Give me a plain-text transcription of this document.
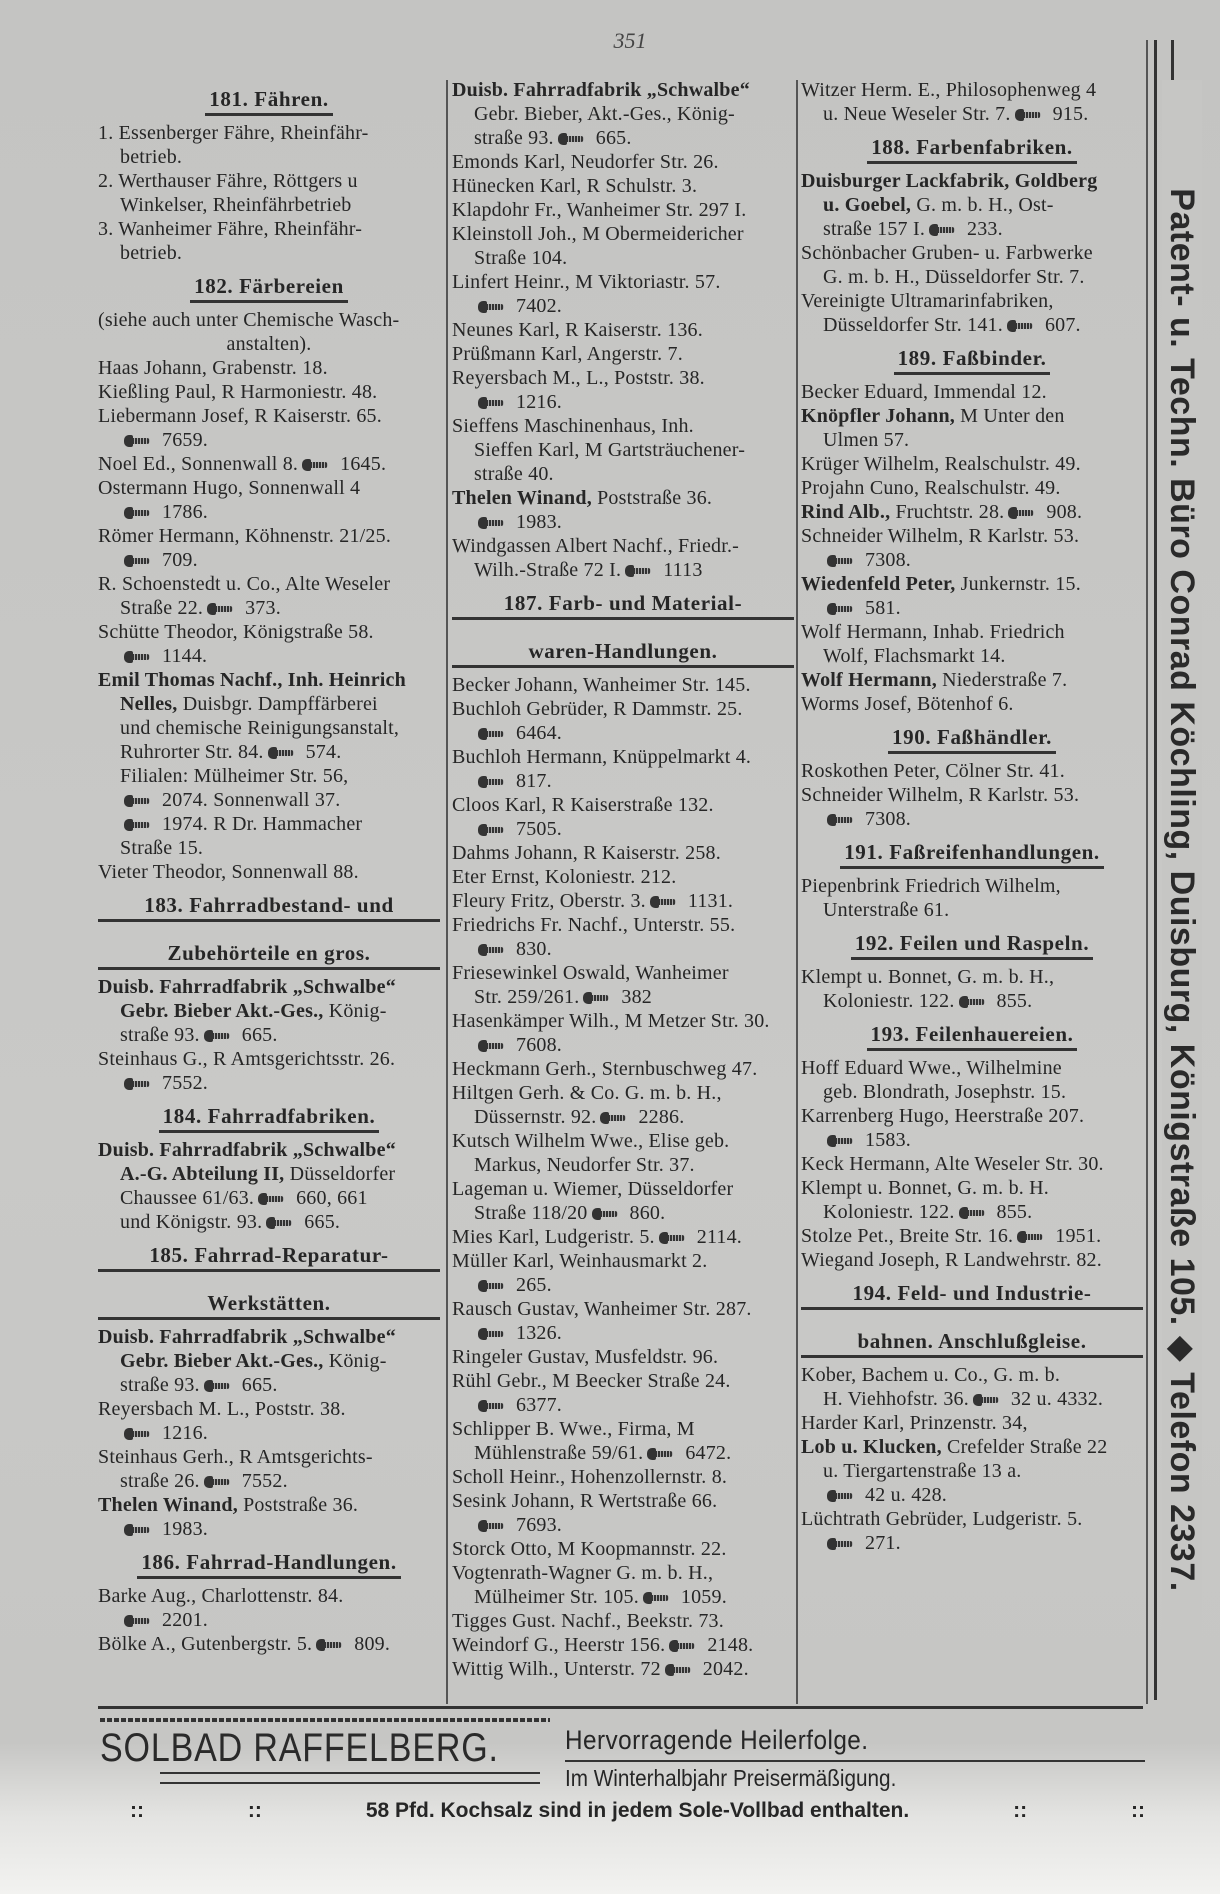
351
181. Fähren.
1. Essenberger Fähre, Rheinfähr-
betrieb.
2. Werthauser Fähre, Röttgers u
Winkelser, Rheinfährbetrieb
3. Wanheimer Fähre, Rheinfähr-
betrieb.
182. Färbereien
(siehe auch unter Chemische Wasch-
anstalten).
Haas Johann, Grabenstr. 18.
Kießling Paul, R Harmoniestr. 48.
Liebermann Josef, R Kaiserstr. 65.
7659.
Noel Ed., Sonnenwall 8. 1645.
Ostermann Hugo, Sonnenwall 4
1786.
Römer Hermann, Köhnenstr. 21/25.
709.
R. Schoenstedt u. Co., Alte Weseler
Straße 22. 373.
Schütte Theodor, Königstraße 58.
1144.
Emil Thomas Nachf., Inh. Heinrich
Nelles, Duisbgr. Dampffärberei
und chemische Reinigungsanstalt,
Ruhrorter Str. 84. 574.
Filialen: Mülheimer Str. 56,
2074. Sonnenwall 37.
1974. R Dr. Hammacher
Straße 15.
Vieter Theodor, Sonnenwall 88.
183. Fahrradbestand- und

Zubehörteile en gros.
Duisb. Fahrradfabrik „Schwalbe“
Gebr. Bieber Akt.-Ges., König-
straße 93. 665.
Steinhaus G., R Amtsgerichtsstr. 26.
7552.
184. Fahrradfabriken.
Duisb. Fahrradfabrik „Schwalbe“
A.-G. Abteilung II, Düsseldorfer
Chaussee 61/63. 660, 661
und Königstr. 93. 665.
185. Fahrrad-Reparatur-

Werkstätten.
Duisb. Fahrradfabrik „Schwalbe“
Gebr. Bieber Akt.-Ges., König-
straße 93. 665.
Reyersbach M. L., Poststr. 38.
1216.
Steinhaus Gerh., R Amtsgerichts-
straße 26. 7552.
Thelen Winand, Poststraße 36.
1983.
186. Fahrrad-Handlungen.
Barke Aug., Charlottenstr. 84.
2201.
Bölke A., Gutenbergstr. 5. 809.
Duisb. Fahrradfabrik „Schwalbe“
Gebr. Bieber, Akt.-Ges., König-
straße 93. 665.
Emonds Karl, Neudorfer Str. 26.
Hünecken Karl, R Schulstr. 3.
Klapdohr Fr., Wanheimer Str. 297 I.
Kleinstoll Joh., M Obermeidericher
Straße 104.
Linfert Heinr., M Viktoriastr. 57.
7402.
Neunes Karl, R Kaiserstr. 136.
Prüßmann Karl, Angerstr. 7.
Reyersbach M., L., Poststr. 38.
1216.
Sieffens Maschinenhaus, Inh.
Sieffen Karl, M Gartsträuchener-
straße 40.
Thelen Winand, Poststraße 36.
1983.
Windgassen Albert Nachf., Friedr.-
Wilh.-Straße 72 I. 1113
187. Farb- und Material-

waren-Handlungen.
Becker Johann, Wanheimer Str. 145.
Buchloh Gebrüder, R Dammstr. 25.
6464.
Buchloh Hermann, Knüppelmarkt 4.
817.
Cloos Karl, R Kaiserstraße 132.
7505.
Dahms Johann, R Kaiserstr. 258.
Eter Ernst, Koloniestr. 212.
Fleury Fritz, Oberstr. 3. 1131.
Friedrichs Fr. Nachf., Unterstr. 55.
830.
Friesewinkel Oswald, Wanheimer
Str. 259/261. 382
Hasenkämper Wilh., M Metzer Str. 30.
7608.
Heckmann Gerh., Sternbuschweg 47.
Hiltgen Gerh. & Co. G. m. b. H.,
Düssernstr. 92. 2286.
Kutsch Wilhelm Wwe., Elise geb.
Markus, Neudorfer Str. 37.
Lageman u. Wiemer, Düsseldorfer
Straße 118/20 860.
Mies Karl, Ludgeristr. 5. 2114.
Müller Karl, Weinhausmarkt 2.
265.
Rausch Gustav, Wanheimer Str. 287.
1326.
Ringeler Gustav, Musfeldstr. 96.
Rühl Gebr., M Beecker Straße 24.
6377.
Schlipper B. Wwe., Firma, M
Mühlenstraße 59/61. 6472.
Scholl Heinr., Hohenzollernstr. 8.
Sesink Johann, R Wertstraße 66.
7693.
Storck Otto, M Koopmannstr. 22.
Vogtenrath-Wagner G. m. b. H.,
Mülheimer Str. 105. 1059.
Tigges Gust. Nachf., Beekstr. 73.
Weindorf G., Heerstr 156. 2148.
Wittig Wilh., Unterstr. 72 2042.
Witzer Herm. E., Philosophenweg 4
u. Neue Weseler Str. 7. 915.
188. Farbenfabriken.
Duisburger Lackfabrik, Goldberg
u. Goebel, G. m. b. H., Ost-
straße 157 I. 233.
Schönbacher Gruben- u. Farbwerke
G. m. b. H., Düsseldorfer Str. 7.
Vereinigte Ultramarinfabriken,
Düsseldorfer Str. 141. 607.
189. Faßbinder.
Becker Eduard, Immendal 12.
Knöpfler Johann, M Unter den
Ulmen 57.
Krüger Wilhelm, Realschulstr. 49.
Projahn Cuno, Realschulstr. 49.
Rind Alb., Fruchtstr. 28. 908.
Schneider Wilhelm, R Karlstr. 53.
7308.
Wiedenfeld Peter, Junkernstr. 15.
581.
Wolf Hermann, Inhab. Friedrich
Wolf, Flachsmarkt 14.
Wolf Hermann, Niederstraße 7.
Worms Josef, Bötenhof 6.
190. Faßhändler.
Roskothen Peter, Cölner Str. 41.
Schneider Wilhelm, R Karlstr. 53.
7308.
191. Faßreifenhandlungen.
Piepenbrink Friedrich Wilhelm,
Unterstraße 61.
192. Feilen und Raspeln.
Klempt u. Bonnet, G. m. b. H.,
Koloniestr. 122. 855.
193. Feilenhauereien.
Hoff Eduard Wwe., Wilhelmine
geb. Blondrath, Josephstr. 15.
Karrenberg Hugo, Heerstraße 207.
1583.
Keck Hermann, Alte Weseler Str. 30.
Klempt u. Bonnet, G. m. b. H.
Koloniestr. 122. 855.
Stolze Pet., Breite Str. 16. 1951.
Wiegand Joseph, R Landwehrstr. 82.
194. Feld- und Industrie-

bahnen. Anschlußgleise.
Kober, Bachem u. Co., G. m. b.
H. Viehhofstr. 36. 32 u. 4332.
Harder Karl, Prinzenstr. 34,
Lob u. Klucken, Crefelder Straße 22
u. Tiergartenstraße 13 a.
42 u. 428.
Lüchtrath Gebrüder, Ludgeristr. 5.
271.	Patent- u. Techn. Büro Conrad Köchling, Duisburg, Königstraße 105. ◆ Telefon 2337.
SOLBAD RAFFELBERG. Hervorragende Heilerfolge.
Im Winterhalbjahr Preisermäßigung.
::	::	58 Pfd. Kochsalz sind in jedem Sole-Vollbad enthalten.	::	::
